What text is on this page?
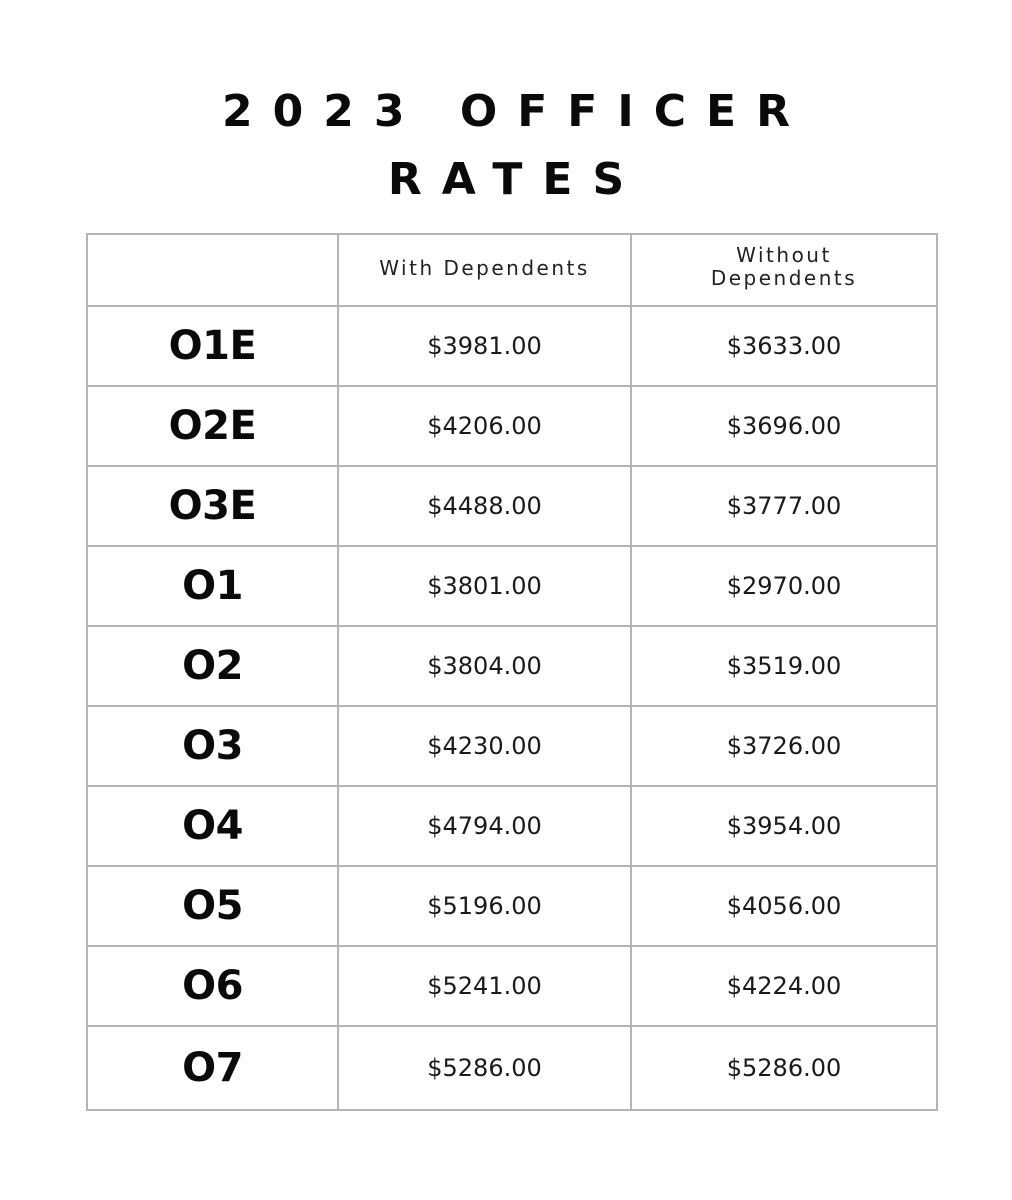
2023 OFFICER
RATES
	With Dependents	Without
Dependents
O1E	$3981.00	$3633.00
O2E	$4206.00	$3696.00
O3E	$4488.00	$3777.00
O1	$3801.00	$2970.00
O2	$3804.00	$3519.00
O3	$4230.00	$3726.00
O4	$4794.00	$3954.00
O5	$5196.00	$4056.00
O6	$5241.00	$4224.00
O7	$5286.00	$5286.00
